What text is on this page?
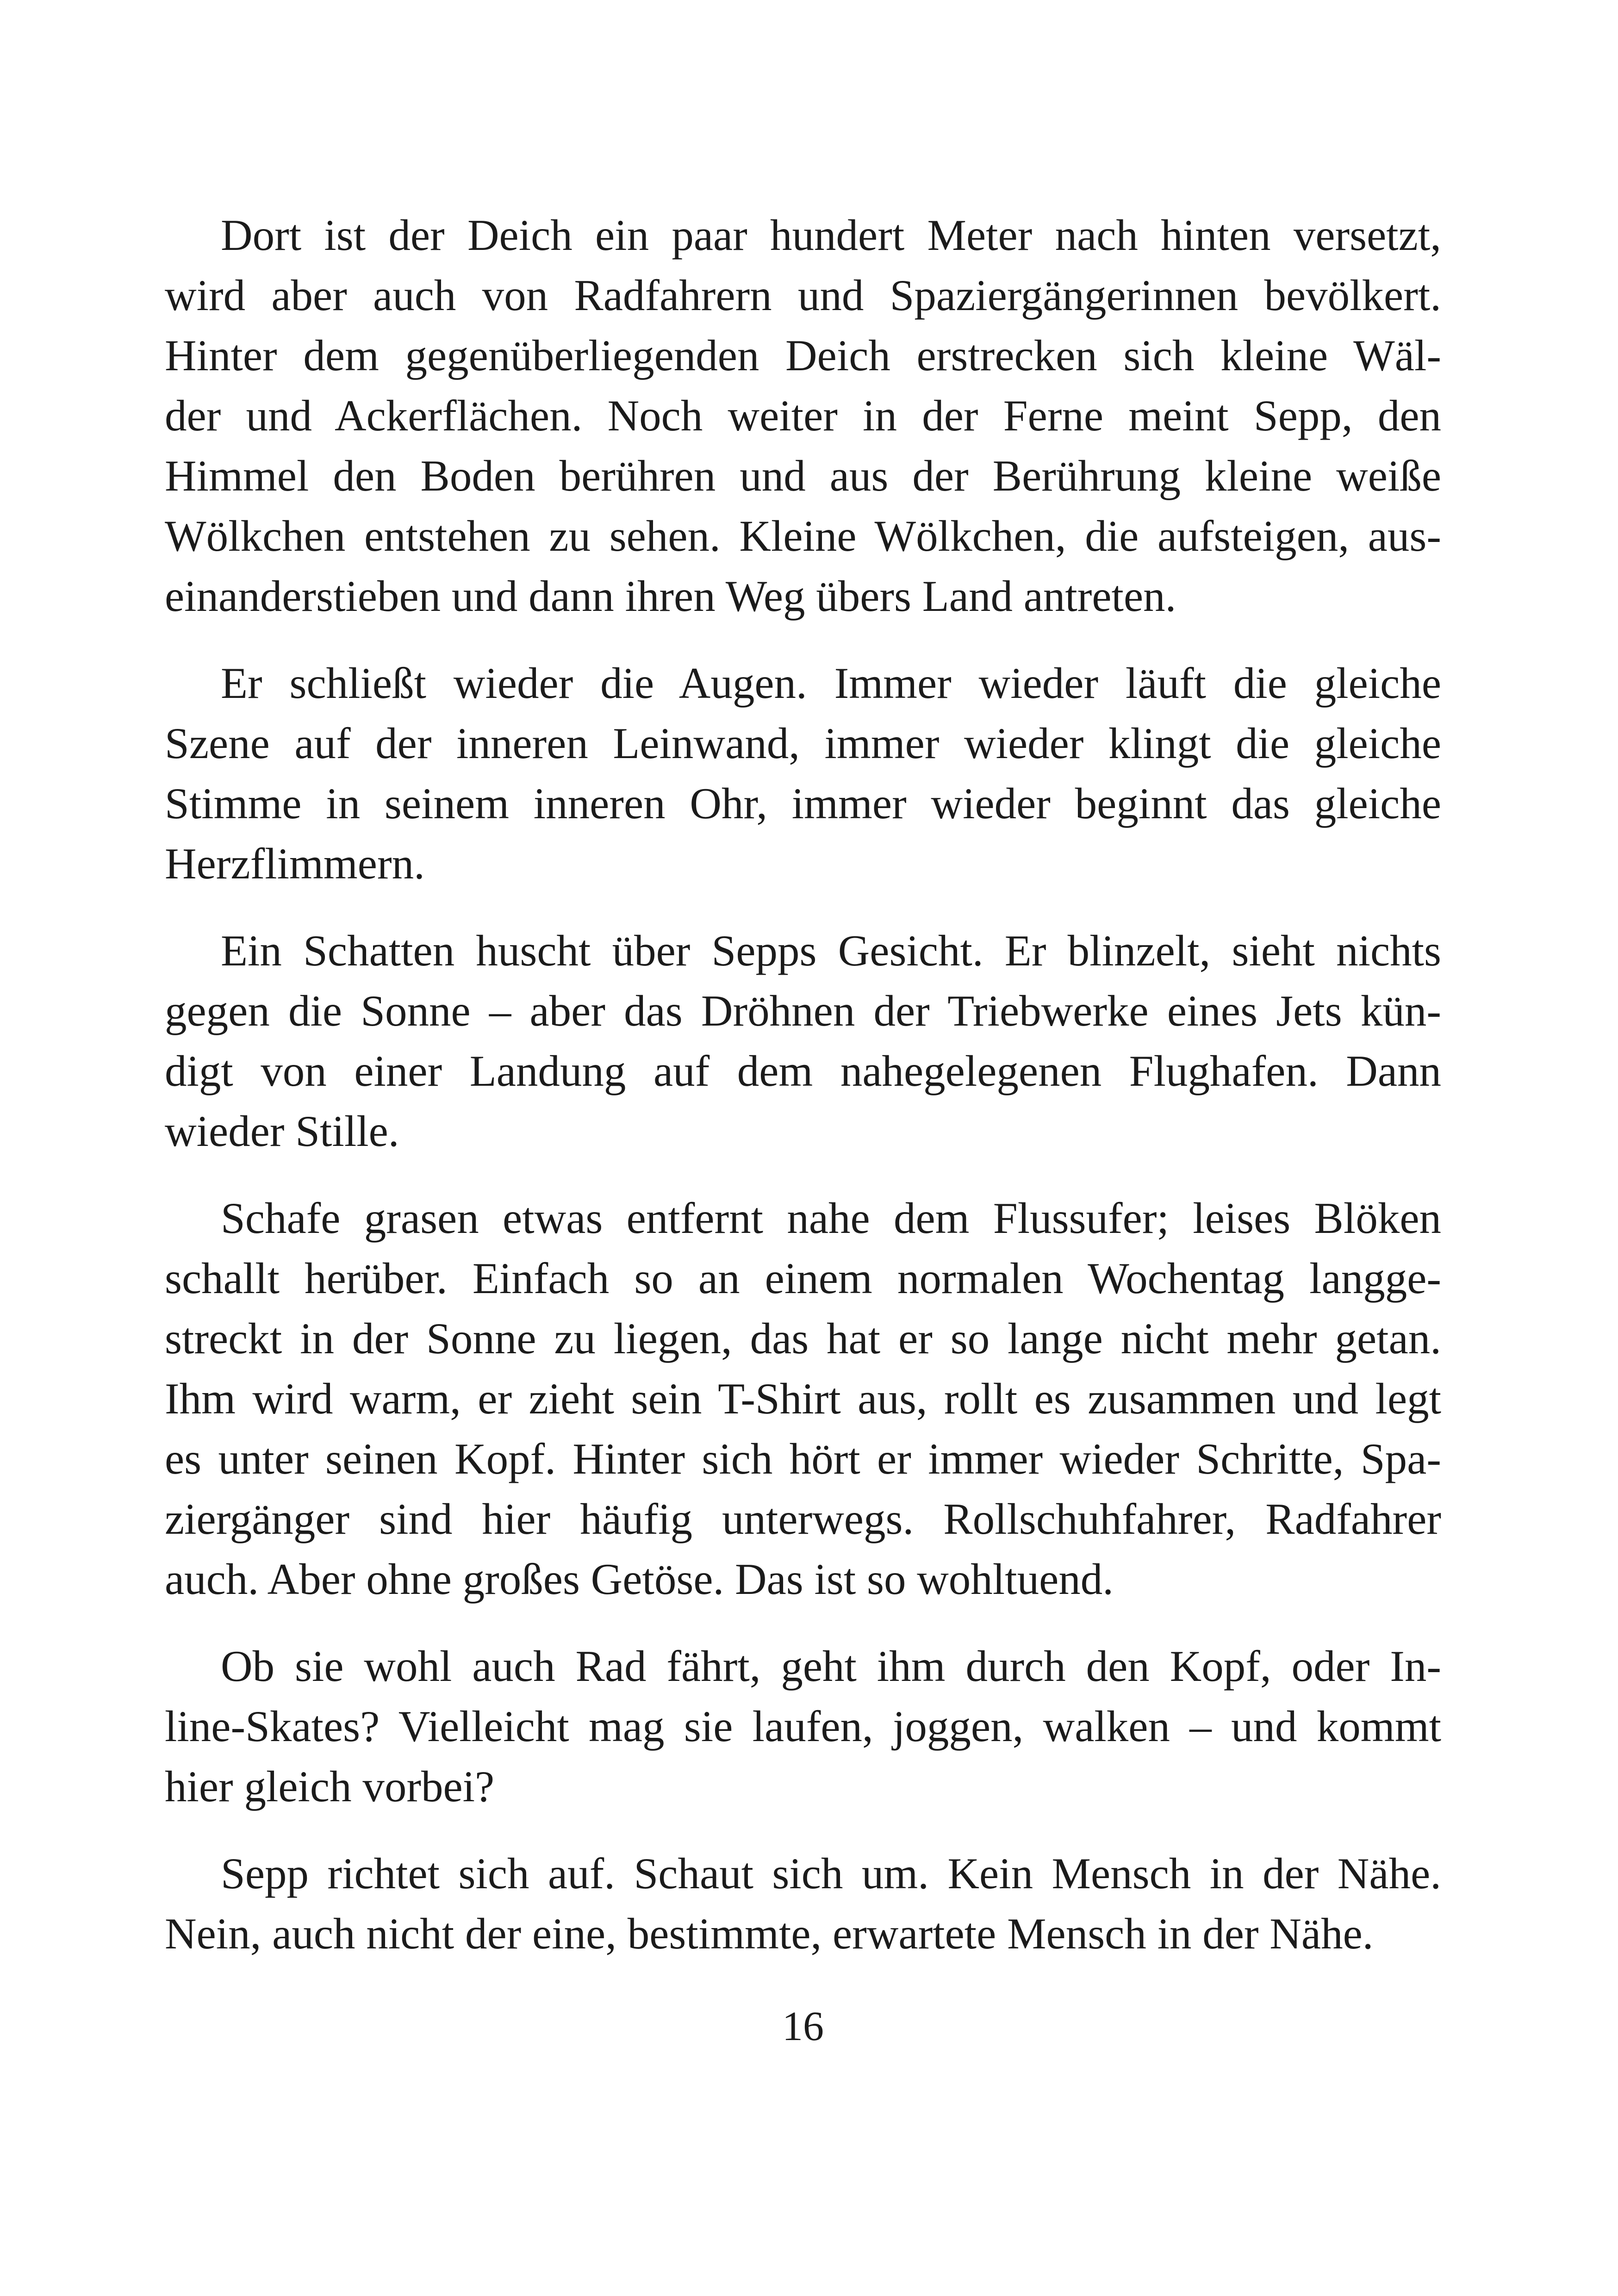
Dort ist der Deich ein paar hundert Meter nach hinten versetzt,
wird aber auch von Radfahrern und Spaziergängerinnen bevölkert.
Hinter dem gegenüberliegenden Deich erstrecken sich kleine Wäl-
der und Ackerflächen. Noch weiter in der Ferne meint Sepp, den
Himmel den Boden berühren und aus der Berührung kleine weiße
Wölkchen entstehen zu sehen. Kleine Wölkchen, die aufsteigen, aus-
einanderstieben und dann ihren Weg übers Land antreten.
Er schließt wieder die Augen. Immer wieder läuft die gleiche
Szene auf der inneren Leinwand, immer wieder klingt die gleiche
Stimme in seinem inneren Ohr, immer wieder beginnt das gleiche
Herzflimmern.
Ein Schatten huscht über Sepps Gesicht. Er blinzelt, sieht nichts
gegen die Sonne – aber das Dröhnen der Triebwerke eines Jets kün-
digt von einer Landung auf dem nahegelegenen Flughafen. Dann
wieder Stille.
Schafe grasen etwas entfernt nahe dem Flussufer; leises Blöken
schallt herüber. Einfach so an einem normalen Wochentag langge-
streckt in der Sonne zu liegen, das hat er so lange nicht mehr getan.
Ihm wird warm, er zieht sein T-Shirt aus, rollt es zusammen und legt
es unter seinen Kopf. Hinter sich hört er immer wieder Schritte, Spa-
ziergänger sind hier häufig unterwegs. Rollschuhfahrer, Radfahrer
auch. Aber ohne großes Getöse. Das ist so wohltuend.
Ob sie wohl auch Rad fährt, geht ihm durch den Kopf, oder In-
line-Skates? Vielleicht mag sie laufen, joggen, walken – und kommt
hier gleich vorbei?
Sepp richtet sich auf. Schaut sich um. Kein Mensch in der Nähe.
Nein, auch nicht der eine, bestimmte, erwartete Mensch in der Nähe.
16
